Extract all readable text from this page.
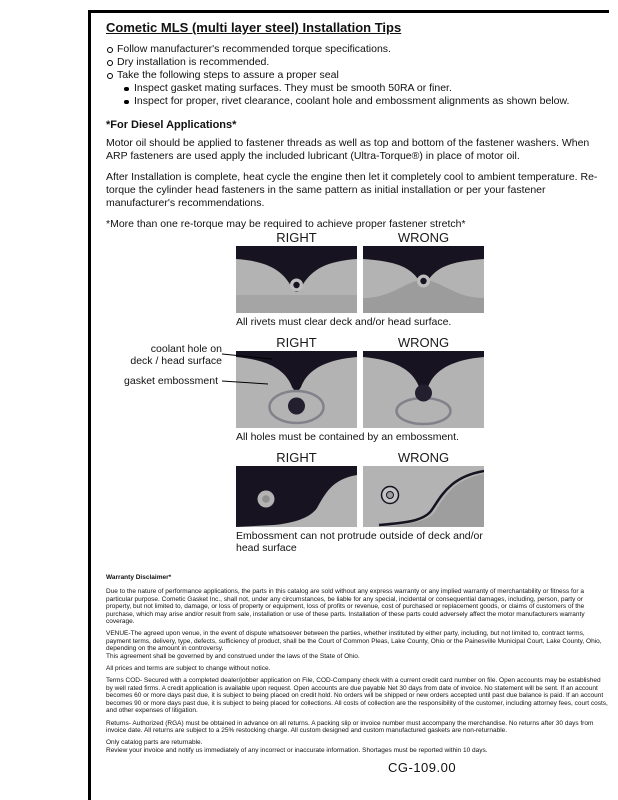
Cometic MLS (multi layer steel) Installation Tips
Follow manufacturer's recommended torque specifications.
Dry installation is recommended.
Take the following steps to assure a proper seal
Inspect gasket mating surfaces. They must be smooth 50RA or finer.
Inspect for proper, rivet clearance, coolant hole and embossment alignments as shown below.
*For Diesel Applications*

Motor oil should be applied to fastener threads as well as top and bottom of the fastener washers. When ARP fasteners are used apply the included lubricant (Ultra-Torque®) in place of motor oil.

After Installation is complete, heat cycle the engine then let it completely cool to ambient temperature. Re-torque the cylinder head fasteners in the same pattern as initial installation or per your fastener manufacturer's recommendations.

*More than one re-torque may be required to achieve proper fastener stretch*

RIGHT	WRONG
All rivets must clear deck and/or head surface.
RIGHT	WRONG
All holes must be contained by an embossment.
RIGHT	WRONG
Embossment can not protrude outside of deck and/or head surface
coolant hole on
deck / head surface
gasket embossment
Warranty Disclaimer*

Due to the nature of performance applications, the parts in this catalog are sold without any express warranty or any implied warranty of merchantability or fitness for a particular purpose. Cometic Gasket Inc., shall not, under any circumstances, be liable for any special, incidental or consequential damages, including, person, party or property, but not limited to, damage, or loss of property or equipment, loss of profits or revenue, cost of purchased or replacement goods, or claims of customers of the purchase, which may arise and/or result from sale, installation or use of these parts. Installation of these parts could adversely affect the motor manufacturers warranty coverage.

VENUE-The agreed upon venue, in the event of dispute whatsoever between the parties, whether instituted by either party, including, but not limited to, contract terms, payment terms, delivery, type, defects, sufficiency of product, shall be the Court of Common Pleas, Lake County, Ohio or the Painesville Municipal Court, Lake County, Ohio, depending on the amount in controversy.

This agreement shall be governed by and construed under the laws of the State of Ohio.

All prices and terms are subject to change without notice.

Terms COD- Secured with a completed dealer/jobber application on File, COD-Company check with a current credit card number on file. Open accounts may be established by well rated firms. A credit application is available upon request. Open accounts are due payable Net 30 days from date of invoice. No statement will be sent. If an account becomes 60 or more days past due, it is subject to being placed on credit hold. No orders will be shipped or new orders accepted until past due balance is paid. If an account becomes 90 or more days past due, it is subject to being placed for collections. All costs of collection are the responsibility of the customer, including attorney fees, court costs, and other expenses of litigation.

Returns- Authorized (RGA) must be obtained in advance on all returns. A packing slip or invoice number must accompany the merchandise. No returns after 30 days from invoice date. All returns are subject to a 25% restocking charge. All custom designed and custom manufactured gaskets are non-returnable.

Only catalog parts are returnable.

Review your invoice and notify us immediately of any incorrect or inaccurate information. Shortages must be reported within 10 days.

CG-109.00
